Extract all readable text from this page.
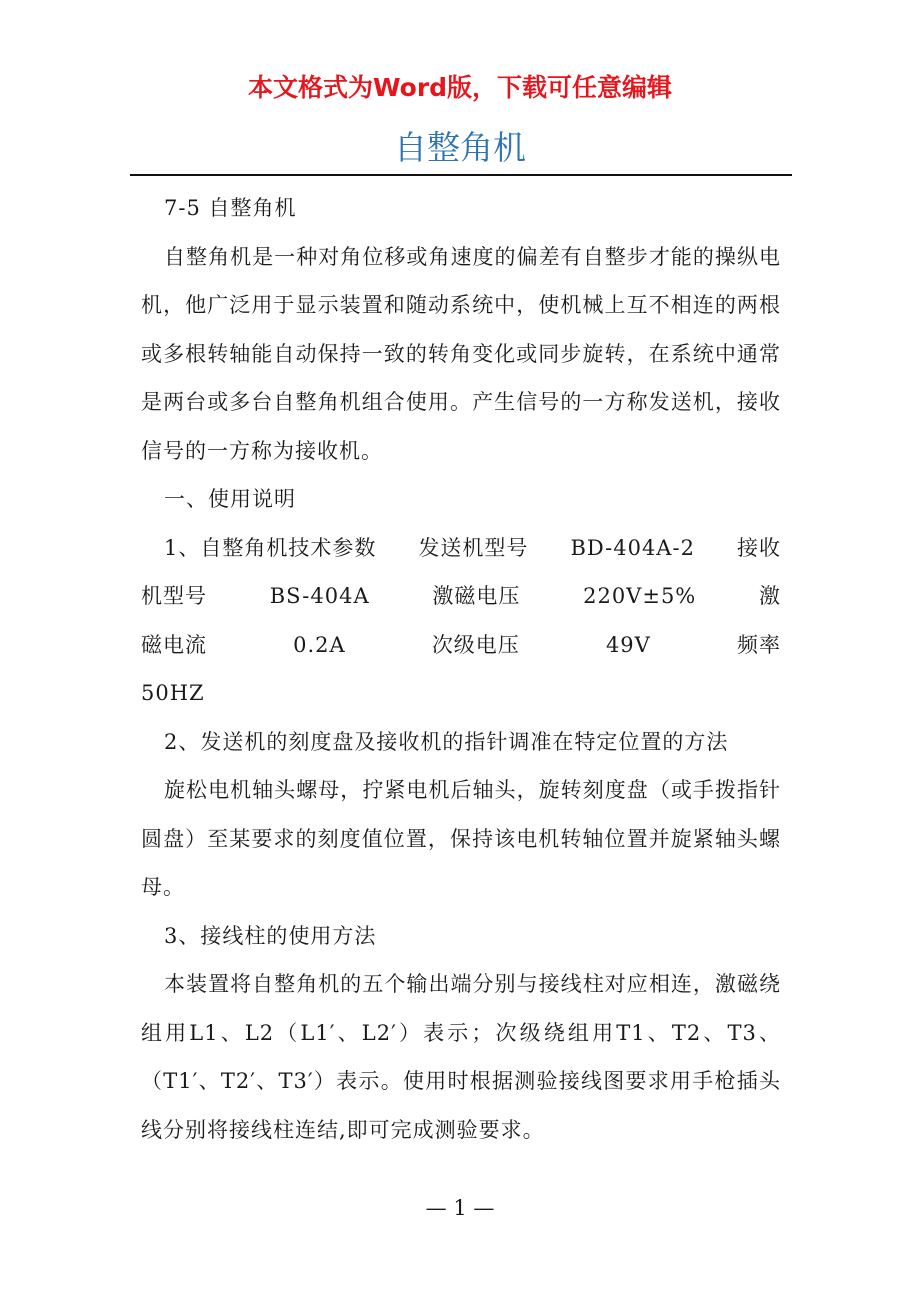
本文格式为Word版，下载可任意编辑
自整角机

7-5 自整角机

自整角机是一种对角位移或角速度的偏差有自整步才能的操纵电机，他广泛用于显示装置和随动系统中，使机械上互不相连的两根或多根转轴能自动保持一致的转角变化或同步旋转，在系统中通常是两台或多台自整角机组合使用。产生信号的一方称发送机，接收信号的一方称为接收机。

一、使用说明

1、自整角机技术参数 发送机型号 BD-404A-2 接收
机型号	BS-404A	激磁电压	220V±5%	激
磁电流	0.2A	次级电压	49V	频率
50HZ

2、发送机的刻度盘及接收机的指针调准在特定位置的方法

旋松电机轴头螺母，拧紧电机后轴头，旋转刻度盘（或手拨指针圆盘）至某要求的刻度值位置，保持该电机转轴位置并旋紧轴头螺母。

3、接线柱的使用方法

本装置将自整角机的五个输出端分别与接线柱对应相连，激磁绕组用L1、L2（L1′、L2′）表示；次级绕组用T1、T2、T3、（T1′、T2′、T3′）表示。使用时根据测验接线图要求用手枪插头线分别将接线柱连结,即可完成测验要求。

— 1 —
